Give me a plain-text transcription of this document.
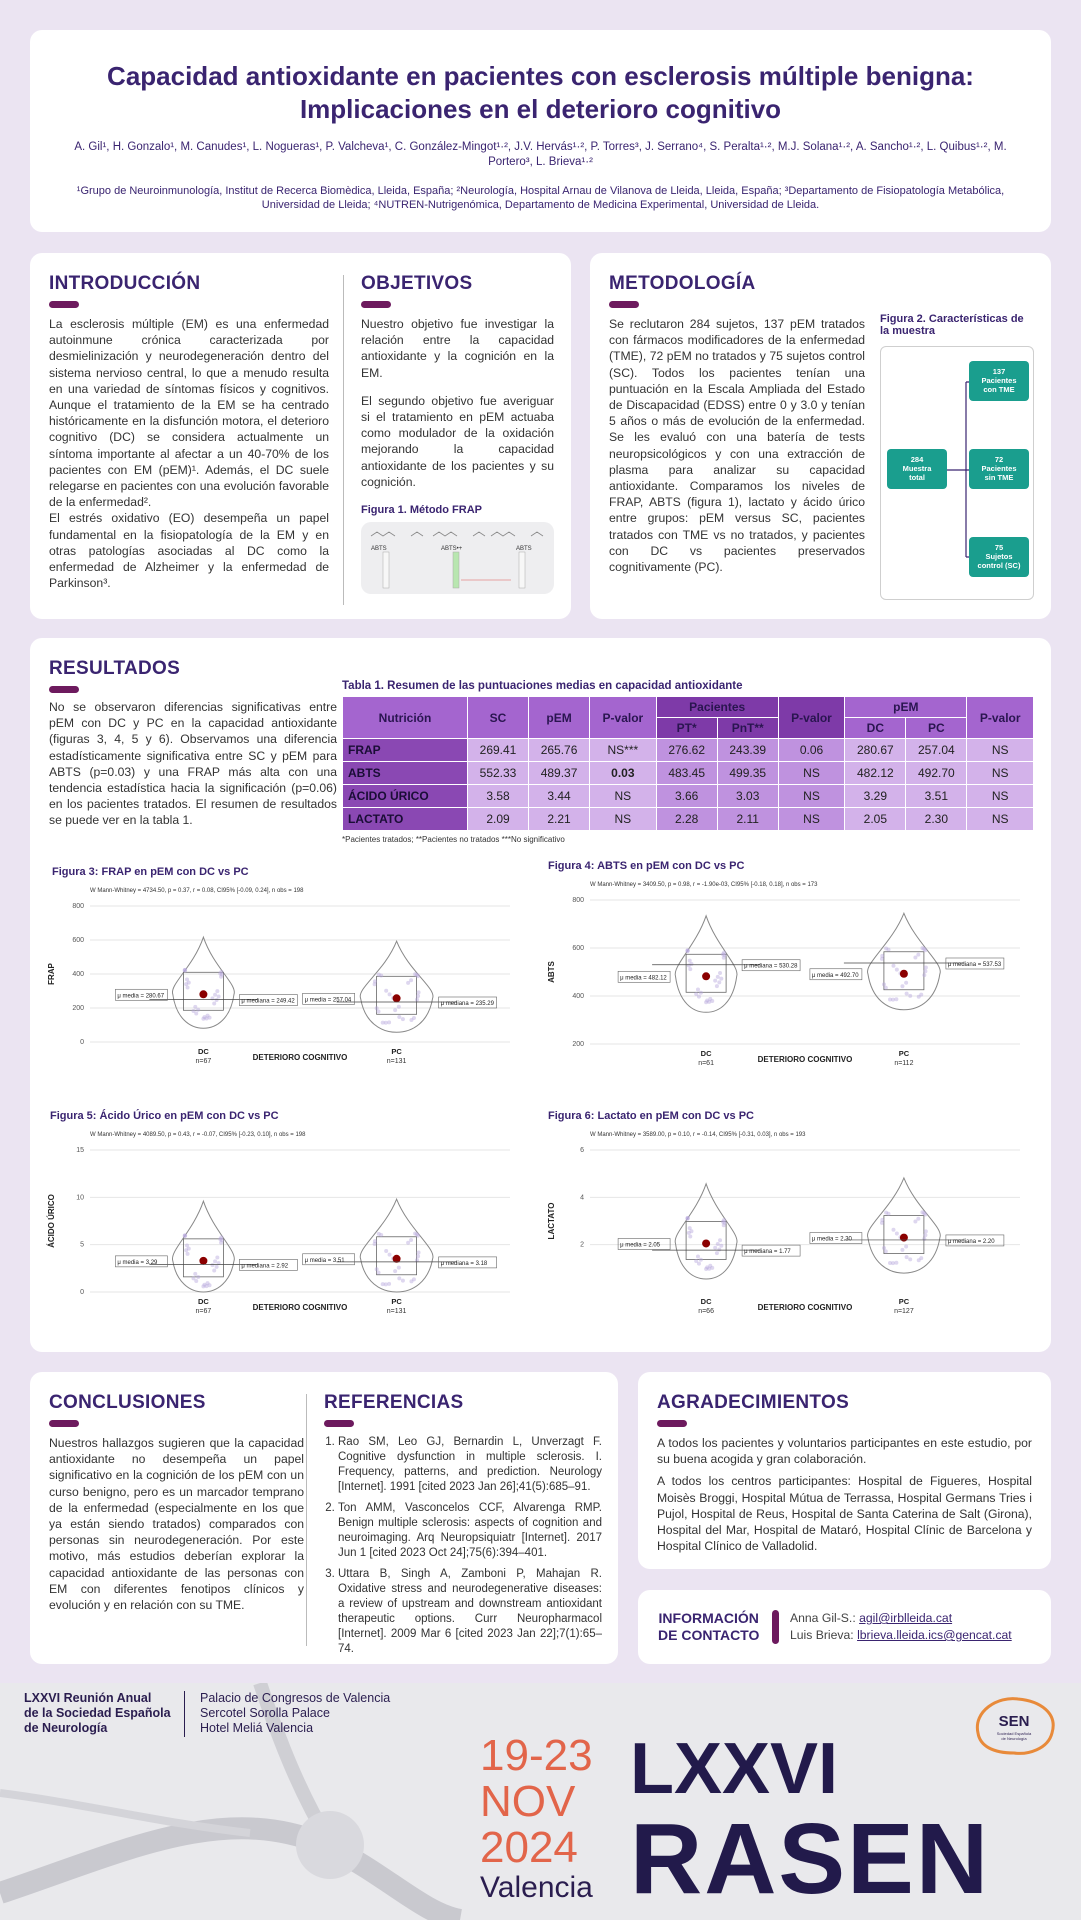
Capacidad antioxidante en pacientes con esclerosis múltiple benigna:
Implicaciones en el deterioro cognitivo
A. Gil¹, H. Gonzalo¹, M. Canudes¹, L. Nogueras¹, P. Valcheva¹, C. González-Mingot¹·², J.V. Hervás¹·², P. Torres³, J. Serrano⁴, S. Peralta¹·², M.J. Solana¹·², A. Sancho¹·², L. Quibus¹·², M. Portero³, L. Brieva¹·²
¹Grupo de Neuroinmunología, Institut de Recerca Biomèdica, Lleida, España; ²Neurología, Hospital Arnau de Vilanova de Lleida, Lleida, España; ³Departamento de Fisiopatología Metabólica, Universidad de Lleida; ⁴NUTREN-Nutrigenómica, Departamento de Medicina Experimental, Universidad de Lleida.
INTRODUCCIÓN

La esclerosis múltiple (EM) es una enfermedad autoinmune crónica caracterizada por desmielinización y neurodegeneración dentro del sistema nervioso central, lo que a menudo resulta en una variedad de síntomas físicos y cognitivos. Aunque el tratamiento de la EM se ha centrado históricamente en la disfunción motora, el deterioro cognitivo (DC) se considera actualmente un síntoma importante al afectar a un 40-70% de los pacientes con EM (pEM)¹. Además, el DC suele relegarse en pacientes con una evolución favorable de la enfermedad².

El estrés oxidativo (EO) desempeña un papel fundamental en la fisiopatología de la EM y en otras patologías asociadas al DC como la enfermedad de Alzheimer y la enfermedad de Parkinson³.

OBJETIVOS

Nuestro objetivo fue investigar la relación entre la capacidad antioxidante y la cognición en la EM.

El segundo objetivo fue averiguar si el tratamiento en pEM actuaba como modulador de la oxidación mejorando la capacidad antioxidante de los pacientes y su cognición.

Figura 1. Método FRAP
ABTS	ABTS•+	ABTS
METODOLOGÍA

Se reclutaron 284 sujetos, 137 pEM tratados con fármacos modificadores de la enfermedad (TME), 72 pEM no tratados y 75 sujetos control (SC). Todos los pacientes tenían una puntuación en la Escala Ampliada del Estado de Discapacidad (EDSS) entre 0 y 3.0 y tenían 5 años o más de evolución de la enfermedad. Se les evaluó con una batería de tests neuropsicológicos y con una extracción de plasma para analizar su capacidad antioxidante. Comparamos los niveles de FRAP, ABTS (figura 1), lactato y ácido úrico entre grupos: pEM versus SC, pacientes tratados con TME vs no tratados, y pacientes con DC vs pacientes preservados cognitivamente (PC).

Figura 2. Características de la muestra
284
Muestra
total
137
Pacientes
con TME
72
Pacientes
sin TME
75
Sujetos
control (SC)
RESULTADOS

No se observaron diferencias significativas entre pEM con DC y PC en la capacidad antioxidante (figuras 3, 4, 5 y 6). Observamos una diferencia estadísticamente significativa entre SC y pEM para ABTS (p=0.03) y una FRAP más alta con una tendencia estadística hacia la significación (p=0.06) en los pacientes tratados. El resumen de resultados se puede ver en la tabla 1.

Tabla 1. Resumen de las puntuaciones medias en capacidad antioxidante
Nutrición	SC	pEM	P-valor	Pacientes		P-valor	pEM		P-valor
				PT*	PnT**		DC	PC	
FRAP	269.41	265.76	NS***	276.62	243.39	0.06	280.67	257.04	NS
ABTS	552.33	489.37	0.03	483.45	499.35	NS	482.12	492.70	NS
ÁCIDO ÚRICO	3.58	3.44	NS	3.66	3.03	NS	3.29	3.51	NS
LACTATO	2.09	2.21	NS	2.28	2.11	NS	2.05	2.30	NS
*Pacientes tratados; **Pacientes no tratados ***No significativo
Figura 3: FRAP en pEM con DC vs PC
W Mann-Whitney = 4734.50, p = 0.37, r = 0.08, CI95% [-0.09, 0.24], n obs = 198
0
200
400
600
800
FRAP
μ media = 280.67
μ mediana = 249.42
DC
n=67
μ media = 257.04
μ mediana = 235.29
PC
n=131
DETERIORO COGNITIVO
Figura 4: ABTS en pEM con DC vs PC
W Mann-Whitney = 3409.50, p = 0.98, r = -1.90e-03, CI95% [-0.18, 0.18], n obs = 173
200
400
600
800
ABTS	μ media = 482.12
μ mediana = 530.28
DC
n=61
μ media = 492.70
μ mediana = 537.53
PC
n=112
DETERIORO COGNITIVO
Figura 5: Ácido Úrico en pEM con DC vs PC
W Mann-Whitney = 4089.50, p = 0.43, r = -0.07, CI95% [-0.23, 0.10], n obs = 198
0
5
10
15
ÁCIDO ÚRICO
μ media = 3.29
μ mediana = 2.92
DC
n=67
μ media = 3.51
μ mediana = 3.18
PC
n=131
DETERIORO COGNITIVO
Figura 6: Lactato en pEM con DC vs PC
W Mann-Whitney = 3589.00, p = 0.10, r = -0.14, CI95% [-0.31, 0.03], n obs = 193
2
4
6
LACTATO
μ media = 2.05
μ mediana = 1.77
DC
n=66
μ media = 2.30	μ mediana = 2.20
PC
n=127
DETERIORO COGNITIVO
CONCLUSIONES

Nuestros hallazgos sugieren que la capacidad antioxidante no desempeña un papel significativo en la cognición de los pEM con un curso benigno, pero es un marcador temprano de la enfermedad (especialmente en los que ya están siendo tratados) comparados con personas sin neurodegeneración. Por este motivo, más estudios deberían explorar la capacidad antioxidante de las personas con EM con diferentes fenotipos clínicos y evolución y en relación con su TME.

REFERENCIAS
1. Rao SM, Leo GJ, Bernardin L, Unverzagt F. Cognitive dysfunction in multiple sclerosis. I. Frequency, patterns, and prediction. Neurology [Internet]. 1991 [cited 2023 Jan 26];41(5):685–91.
2. Ton AMM, Vasconcelos CCF, Alvarenga RMP. Benign multiple sclerosis: aspects of cognition and neuroimaging. Arq Neuropsiquiatr [Internet]. 2017 Jun 1 [cited 2023 Oct 24];75(6):394–401.
3. Uttara B, Singh A, Zamboni P, Mahajan R. Oxidative stress and neurodegenerative diseases: a review of upstream and downstream antioxidant therapeutic options. Curr Neuropharmacol [Internet]. 2009 Mar 6 [cited 2023 Jan 22];7(1):65–74.
AGRADECIMIENTOS

A todos los pacientes y voluntarios participantes en este estudio, por su buena acogida y gran colaboración.

A todos los centros participantes: Hospital de Figueres, Hospital Moisès Broggi, Hospital Mútua de Terrassa, Hospital Germans Tries i Pujol, Hospital de Reus, Hospital de Santa Caterina de Salt (Girona), Hospital del Mar, Hospital de Mataró, Hospital Clínic de Barcelona y Hospital Clínico de Valladolid.

INFORMACIÓN
DE CONTACTO
Anna Gil-S.: agil@irblleida.cat
Luis Brieva: lbrieva.lleida.ics@gencat.cat
LXXVI Reunión Anual
de la Sociedad Española
de Neurología
Palacio de Congresos de Valencia
Sercotel Sorolla Palace
Hotel Meliá Valencia
19-23
NOV
2024
Valencia
LXXVI
RASEN
SEN
Sociedad Española de Neurología
